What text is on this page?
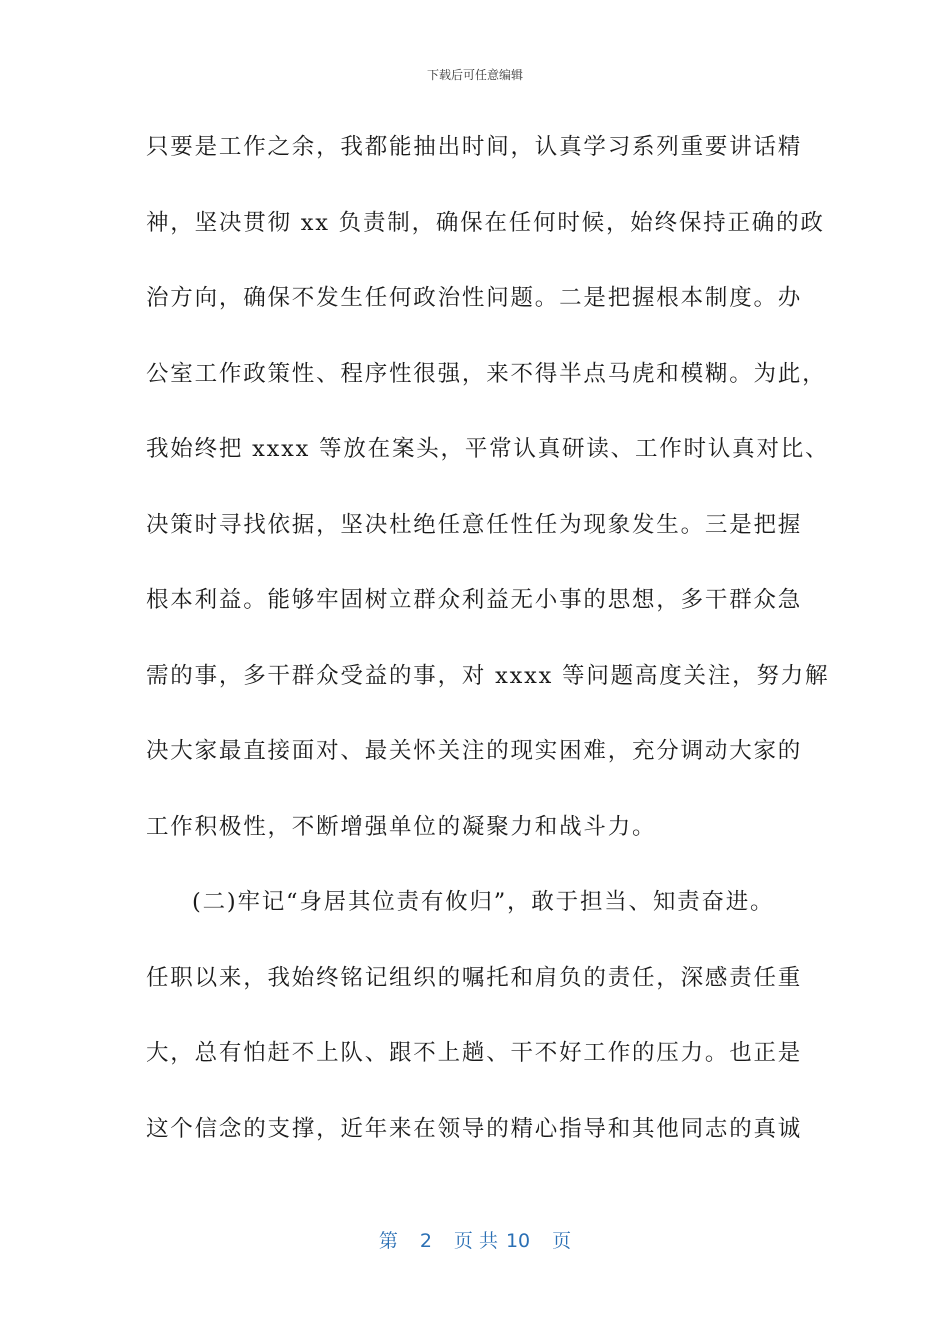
下载后可任意编辑
只要是工作之余，我都能抽出时间，认真学习系列重要讲话精
神，坚决贯彻 xx 负责制，确保在任何时候，始终保持正确的政
治方向，确保不发生任何政治性问题。二是把握根本制度。办
公室工作政策性、程序性很强，来不得半点马虎和模糊。为此，
我始终把 xxxx 等放在案头，平常认真研读、工作时认真对比、
决策时寻找依据，坚决杜绝任意任性任为现象发生。三是把握
根本利益。能够牢固树立群众利益无小事的思想，多干群众急
需的事，多干群众受益的事，对 xxxx 等问题高度关注，努力解
决大家最直接面对、最关怀关注的现实困难，充分调动大家的
工作积极性，不断增强单位的凝聚力和战斗力。
(二)牢记“身居其位责有攸归”，敢于担当、知责奋进。
任职以来，我始终铭记组织的嘱托和肩负的责任，深感责任重
大，总有怕赶不上队、跟不上趟、干不好工作的压力。也正是
这个信念的支撑，近年来在领导的精心指导和其他同志的真诚
第 2 页 共 10 页
